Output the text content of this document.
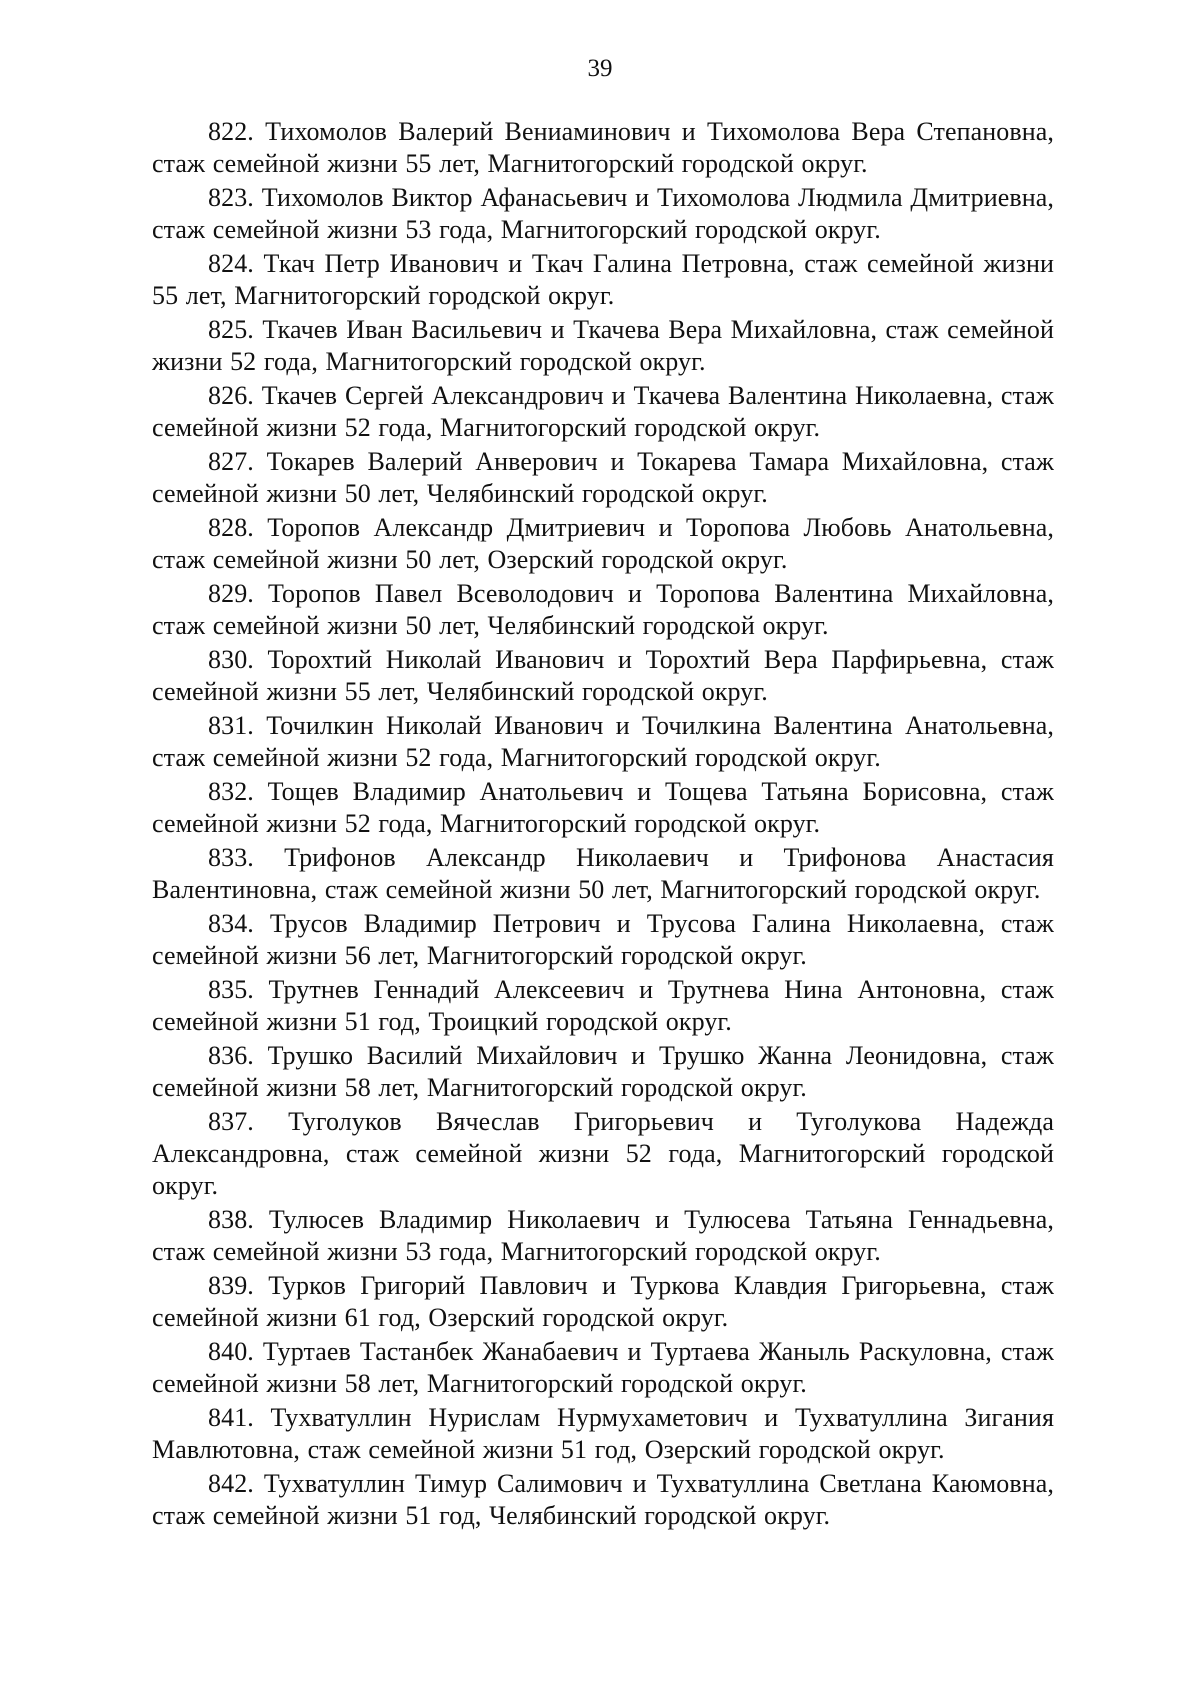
39

822. Тихомолов Валерий Вениаминович и Тихомолова Вера Степановна, стаж семейной жизни 55 лет, Магнитогорский городской округ.

823. Тихомолов Виктор Афанасьевич и Тихомолова Людмила Дмитриевна, стаж семейной жизни 53 года, Магнитогорский городской округ.

824. Ткач Петр Иванович и Ткач Галина Петровна, стаж семейной жизни 55 лет, Магнитогорский городской округ.

825. Ткачев Иван Васильевич и Ткачева Вера Михайловна, стаж семейной жизни 52 года, Магнитогорский городской округ.

826. Ткачев Сергей Александрович и Ткачева Валентина Николаевна, стаж семейной жизни 52 года, Магнитогорский городской округ.

827. Токарев Валерий Анверович и Токарева Тамара Михайловна, стаж семейной жизни 50 лет, Челябинский городской округ.

828. Торопов Александр Дмитриевич и Торопова Любовь Анатольевна, стаж семейной жизни 50 лет, Озерский городской округ.

829. Торопов Павел Всеволодович и Торопова Валентина Михайловна, стаж семейной жизни 50 лет, Челябинский городской округ.

830. Торохтий Николай Иванович и Торохтий Вера Парфирьевна, стаж семейной жизни 55 лет, Челябинский городской округ.

831. Точилкин Николай Иванович и Точилкина Валентина Анатольевна, стаж семейной жизни 52 года, Магнитогорский городской округ.

832. Тощев Владимир Анатольевич и Тощева Татьяна Борисовна, стаж семейной жизни 52 года, Магнитогорский городской округ.

833. Трифонов Александр Николаевич и Трифонова Анастасия Валентиновна, стаж семейной жизни 50 лет, Магнитогорский городской округ.

834. Трусов Владимир Петрович и Трусова Галина Николаевна, стаж семейной жизни 56 лет, Магнитогорский городской округ.

835. Трутнев Геннадий Алексеевич и Трутнева Нина Антоновна, стаж семейной жизни 51 год, Троицкий городской округ.

836. Трушко Василий Михайлович и Трушко Жанна Леонидовна, стаж семейной жизни 58 лет, Магнитогорский городской округ.

837. Туголуков Вячеслав Григорьевич и Туголукова Надежда Александровна, стаж семейной жизни 52 года, Магнитогорский городской округ.

838. Тулюсев Владимир Николаевич и Тулюсева Татьяна Геннадьевна, стаж семейной жизни 53 года, Магнитогорский городской округ.

839. Турков Григорий Павлович и Туркова Клавдия Григорьевна, стаж семейной жизни 61 год, Озерский городской округ.

840. Туртаев Тастанбек Жанабаевич и Туртаева Жаныль Раскуловна, стаж семейной жизни 58 лет, Магнитогорский городской округ.

841. Тухватуллин Нурислам Нурмухаметович и Тухватуллина Зигания Мавлютовна, стаж семейной жизни 51 год, Озерский городской округ.

842. Тухватуллин Тимур Салимович и Тухватуллина Светлана Каюмовна, стаж семейной жизни 51 год, Челябинский городской округ.
